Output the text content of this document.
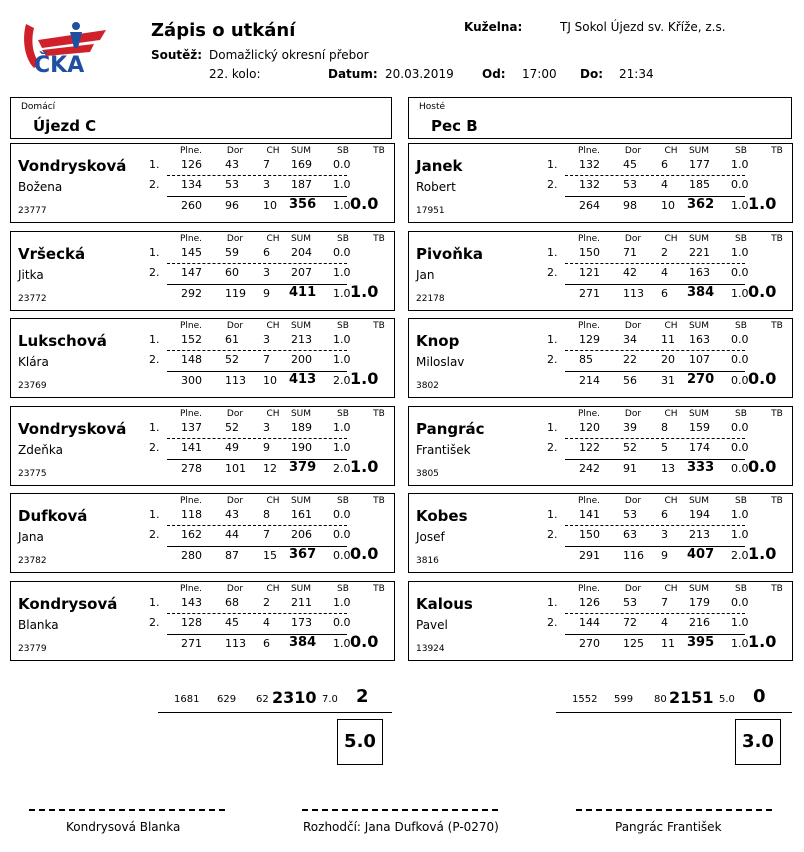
ČKA
Zápis o utkání
Soutěž: Domažlický okresní přebor
22. kolo:	Datum: 20.03.2019 Od: 17:00 Do: 21:34
Kuželna:	TJ Sokol Újezd sv. Kříže, z.s.
Domácí
Újezd C
Hosté
Pec B
Vondrysková
Božena
23777
Plne.	Dor	CH	SUM	SB	TB
1. 126 43 7 169 0.0
2. 134 53 3 187 1.0
260 96 10 356 1.0 0.0
Vršecká
Jitka
23772
Plne.	Dor	CH	SUM	SB	TB
1. 145 59 6 204 0.0
2. 147 60 3 207 1.0
292 119 9 411 1.0 1.0
Lukschová
Klára
23769
Plne.	Dor	CH	SUM	SB	TB
1. 152 61 3 213 1.0
2. 148 52 7 200 1.0
300 113 10 413 2.0 1.0
Vondrysková
Zdeňka
23775
Plne.	Dor	CH	SUM	SB	TB
1. 137 52 3 189 1.0
2. 141 49 9 190 1.0
278 101 12 379 2.0 1.0
Dufková
Jana
23782
Plne.	Dor	CH	SUM	SB	TB
1. 118 43 8 161 0.0
2. 162 44 7 206 0.0
280 87 15 367 0.0 0.0
Kondrysová
Blanka
23779
Plne.	Dor	CH	SUM	SB	TB
1. 143 68 2 211 1.0
2. 128 45 4 173 0.0
271 113 6 384 1.0 0.0
Janek
Robert
17951
Plne.	Dor	CH	SUM	SB	TB
1. 132 45 6 177 1.0
2. 132 53 4 185 0.0
264 98 10 362 1.0 1.0
Pivoňka
Jan
22178
Plne.	Dor	CH	SUM	SB	TB
1. 150 71 2 221 1.0
2. 121 42 4 163 0.0
271 113 6 384 1.0 0.0
Knop
Miloslav
3802
Plne.	Dor	CH	SUM	SB	TB
1. 129 34 11 163 0.0
2. 85	22 20 107 0.0
214 56 31 270 0.0 0.0
Pangrác
František
3805
Plne.	Dor	CH	SUM	SB	TB
1. 120 39 8 159 0.0
2. 122 52 5 174 0.0
242 91 13 333 0.0 0.0
Kobes
Josef
3816
Plne.	Dor	CH	SUM	SB	TB
1. 141 53 6 194 1.0
2. 150 63 3 213 1.0
291 116 9 407 2.0 1.0
Kalous
Pavel
13924
Plne.	Dor	CH	SUM	SB	TB
1. 126 53 7 179 0.0
2. 144 72 4 216 1.0
270 125 11 395 1.0 1.0
1681 629 62 2310 7.0 2
5.0
1552 599 80 2151 5.0 0
3.0
Kondrysová Blanka	Rozhodčí: Jana Dufková (P-0270)	Pangrác František
